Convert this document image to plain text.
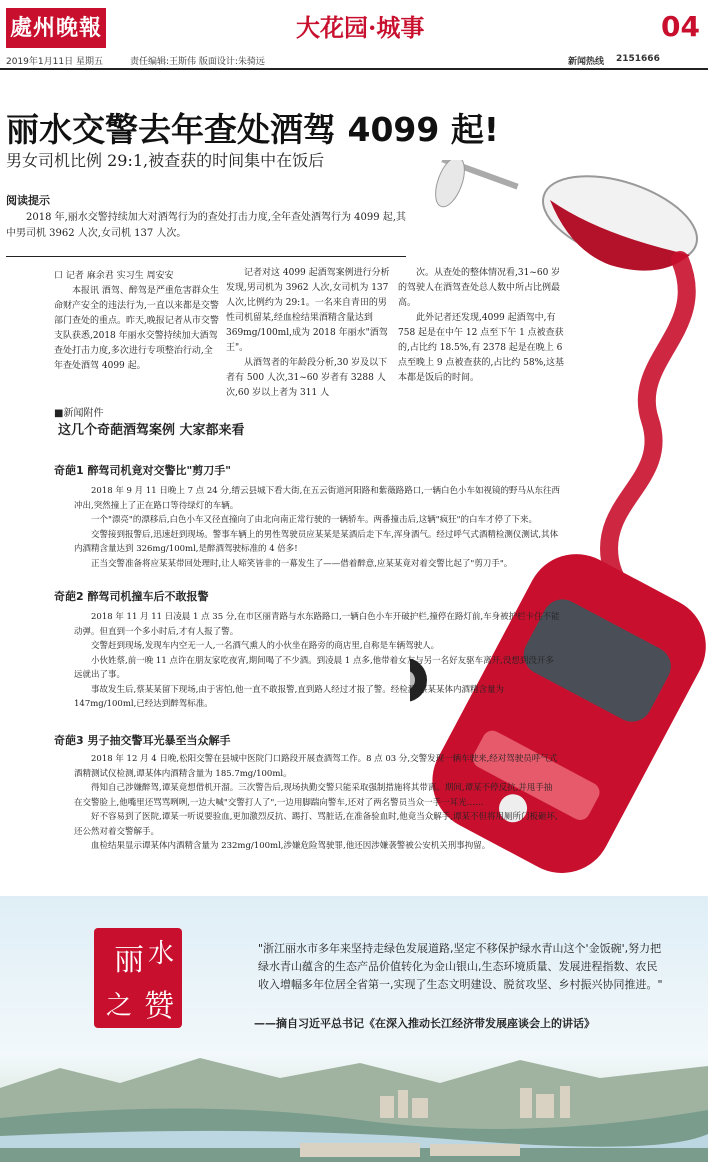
處州晚報	大花园·城事	04
2019年1月11日 星期五	责任编辑:王斯伟 版面设计:朱骑远	新闻热线 2151666
丽水交警去年查处酒驾 4099 起!
男女司机比例 29:1,被查获的时间集中在饭后
阅读提示
2018 年,丽水交警持续加大对酒驾行为的查处打击力度,全年查处酒驾行为 4099 起,其中男司机 3962 人次,女司机 137 人次。
口 记者 麻余君 实习生 周安安

本报讯 酒驾、醉驾是严重危害群众生命财产安全的违法行为,一直以来都是交警部门查处的重点。昨天,晚报记者从市交警支队获悉,2018 年丽水交警持续加大酒驾查处打击力度,多次进行专项整治行动,全年查处酒驾 4099 起。

记者对这 4099 起酒驾案例进行分析发现,男司机为 3962 人次,女司机为 137 人次,比例约为 29:1。一名来自青田的男性司机留某,经血检结果酒精含量达到 369mg/100ml,成为 2018 年丽水"酒驾王"。

从酒驾者的年龄段分析,30 岁及以下者有 500 人次,31~60 岁者有 3288 人次,60 岁以上者为 311 人

次。从查处的整体情况看,31~60 岁的驾驶人在酒驾查处总人数中所占比例最高。

此外记者还发现,4099 起酒驾中,有 758 起是在中午 12 点至下午 1 点被查获的,占比约 18.5%,有 2378 起是在晚上 6 点至晚上 9 点被查获的,占比约 58%,这基本都是饭后的时间。

■新闻附件
这几个奇葩酒驾案例 大家都来看
奇葩1 醉驾司机竟对交警比"剪刀手"

2018 年 9 月 11 日晚上 7 点 24 分,缙云县城下看大街,在五云街道河阳路和紫薇路路口,一辆白色小车如视镜的野马从东往西冲出,突然撞上了正在路口等待绿灯的车辆。

一个"漂亮"的漂移后,白色小车又径直撞向了由北向南正常行驶的一辆轿车。两番撞击后,这辆"疯狂"的白车才停了下来。

交警接到报警后,迅速赶到现场。警事车辆上的男性驾驶员应某某是某酒后走下车,浑身酒气。经过呼气式酒精检测仪测试,其体内酒精含量达到 326mg/100ml,是醉酒驾驶标准的 4 倍多!

正当交警准备将应某某带回处理时,让人啼笑皆非的一幕发生了——借着醉意,应某某竟对着交警比起了"剪刀手"。

奇葩2 醉驾司机撞车后不敢报警

2018 年 11 月 11 日凌晨 1 点 35 分,在市区丽青路与水东路路口,一辆白色小车开破护栏,撞停在路灯前,车身被护栏卡住不能动弹。但直到一个多小时后,才有人报了警。

交警赶到现场,发现车内空无一人,一名酒气熏人的小伙坐在路旁的商店里,自称是车辆驾驶人。

小伙姓蔡,前一晚 11 点许在朋友家吃夜宵,期间喝了不少酒。到凌晨 1 点多,他带着女友与另一名好友驱车离开,没想到没开多远就出了事。

事故发生后,蔡某某留下现场,由于害怕,他一直不敢报警,直到路人经过才报了警。经检测,蔡某某体内酒精含量为 147mg/100ml,已经达到醉驾标准。

奇葩3 男子抽交警耳光暴至当众解手

2018 年 12 月 4 日晚,松阳交警在县城中医院门口路段开展查酒驾工作。8 点 03 分,交警发现一辆车驶来,经对驾驶员呼气式酒精测试仪检测,谭某体内酒精含量为 185.7mg/100ml。

得知自己涉嫌醉驾,谭某竟想借机开溜。三次警告后,现场执勤交警只能采取强制措施将其带离。期间,谭某不停反抗,并甩手抽在交警脸上,他嘴里还骂骂咧咧,一边大喊"交警打人了",一边用脚踹向警车,还对了两名警员当众一手一耳光……

好不容易到了医院,谭某一听说要验血,更加激烈反抗、踢打、骂脏话,在准备验血时,他竟当众解手,谭某不但将用厕所门板砸坏,还公然对着交警解手。

血检结果显示谭某体内酒精含量为 232mg/100ml,涉嫌危险驾驶罪,他还因涉嫌袭警被公安机关刑事拘留。

丽 水
之 赞
"浙江丽水市多年来坚持走绿色发展道路,坚定不移保护绿水青山这个'金饭碗',努力把绿水青山蕴含的生态产品价值转化为金山银山,生态环境质量、发展进程指数、农民收入增幅多年位居全省第一,实现了生态文明建设、脱贫攻坚、乡村振兴协同推进。"
——摘自习近平总书记《在深入推动长江经济带发展座谈会上的讲话》
